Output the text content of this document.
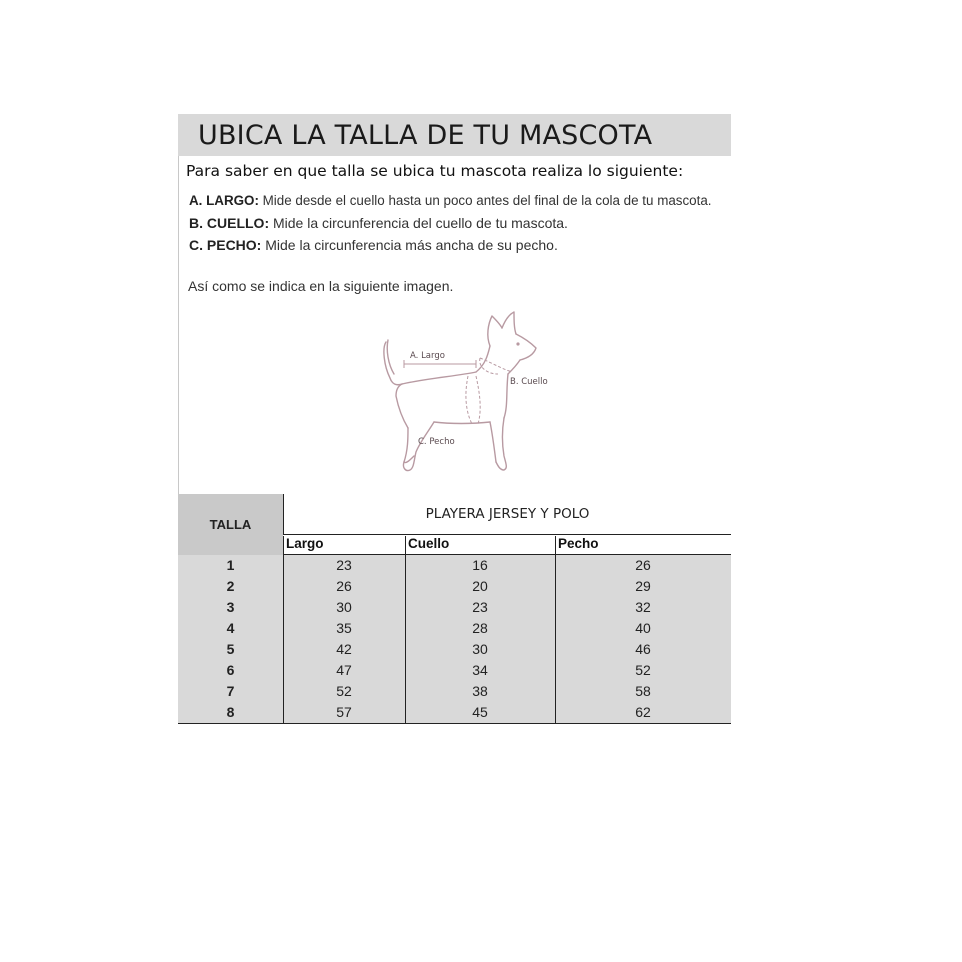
UBICA LA TALLA DE TU MASCOTA
Para saber en que talla se ubica tu mascota realiza lo siguiente:
A. LARGO: Mide desde el cuello hasta un poco antes del final de la cola de tu mascota.
B. CUELLO: Mide la circunferencia del cuello de tu mascota.
C. PECHO: Mide la circunferencia más ancha de su pecho.
Así como se indica en la siguiente imagen.
A. Largo
B. Cuello
C. Pecho
TALLA
PLAYERA JERSEY Y POLO
Largo	Cuello	Pecho
1	23	16	26
2	26	20	29
3	30	23	32
4	35	28	40
5	42	30	46
6	47	34	52
7	52	38	58
8	57	45	62
